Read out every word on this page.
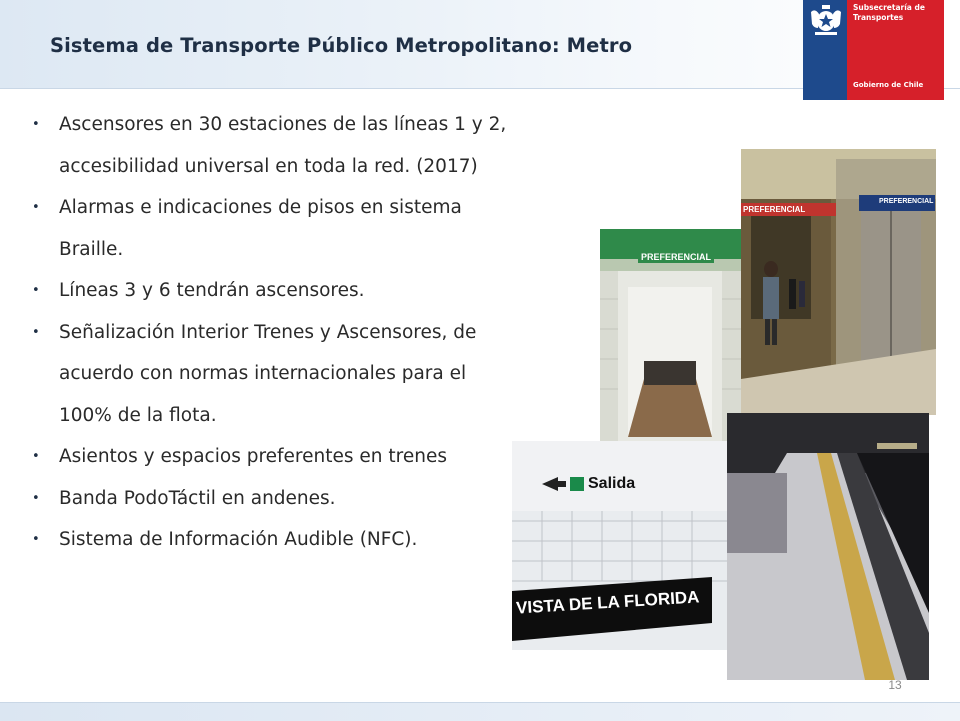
Sistema de Transporte Público Metropolitano: Metro
Subsecretaría de Transportes
Gobierno de Chile
• Ascensores en 30 estaciones de las líneas 1 y 2,
accesibilidad universal en toda la red. (2017)
• Alarmas e indicaciones de pisos en sistema
Braille.
• Líneas 3 y 6 tendrán ascensores.
• Señalización Interior Trenes y Ascensores, de
acuerdo con normas internacionales para el
100% de la flota.
• Asientos y espacios preferentes en trenes
• Banda PodoTáctil en andenes.
• Sistema de Información Audible (NFC).
PREFERENCIAL
PREFERENCIAL
PREFERENCIAL
Salida
VISTA DE LA FLORIDA
13
